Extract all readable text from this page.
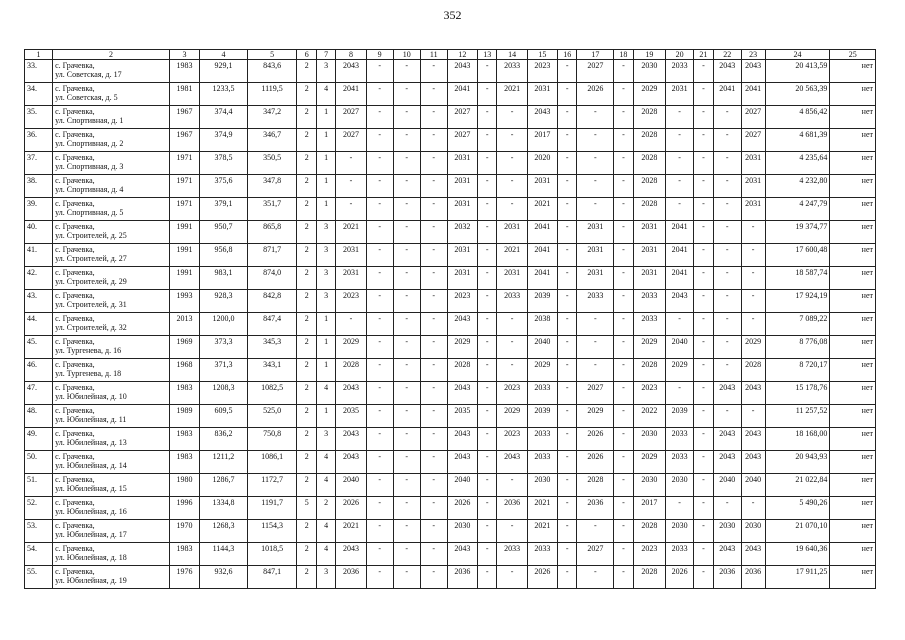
352
1	2	3	4	5	6	7	8	9	10	11	12	13	14	15	16	17	18	19	20	21	22	23	24	25
33.	с. Грачевка,
ул. Советская, д. 17	1983	929,1	843,6	2	3	2043	-	-	-	2043	-	2033	2023	-	2027	-	2030	2033	-	2043	2043	20 413,59	нет
34.	с. Грачевка,
ул. Советская, д. 5	1981	1233,5	1119,5	2	4	2041	-	-	-	2041	-	2021	2031	-	2026	-	2029	2031	-	2041	2041	20 563,39	нет
35.	с. Грачевка,
ул. Спортивная, д. 1	1967	374,4	347,2	2	1	2027	-	-	-	2027	-	-	2043	-	-	-	2028	-	-	-	2027	4 856,42	нет
36.	с. Грачевка,
ул. Спортивная, д. 2	1967	374,9	346,7	2	1	2027	-	-	-	2027	-	-	2017	-	-	-	2028	-	-	-	2027	4 681,39	нет
37.	с. Грачевка,
ул. Спортивная, д. 3	1971	378,5	350,5	2	1	-	-	-	-	2031	-	-	2020	-	-	-	2028	-	-	-	2031	4 235,64	нет
38.	с. Грачевка,
ул. Спортивная, д. 4	1971	375,6	347,8	2	1	-	-	-	-	2031	-	-	2031	-	-	-	2028	-	-	-	2031	4 232,80	нет
39.	с. Грачевка,
ул. Спортивная, д. 5	1971	379,1	351,7	2	1	-	-	-	-	2031	-	-	2021	-	-	-	2028	-	-	-	2031	4 247,79	нет
40.	с. Грачевка,
ул. Строителей, д. 25	1991	950,7	865,8	2	3	2021	-	-	-	2032	-	2031	2041	-	2031	-	2031	2041	-	-	-	19 374,77	нет
41.	с. Грачевка,
ул. Строителей, д. 27	1991	956,8	871,7	2	3	2031	-	-	-	2031	-	2021	2041	-	2031	-	2031	2041	-	-	-	17 600,48	нет
42.	с. Грачевка,
ул. Строителей, д. 29	1991	983,1	874,0	2	3	2031	-	-	-	2031	-	2031	2041	-	2031	-	2031	2041	-	-	-	18 587,74	нет
43.	с. Грачевка,
ул. Строителей, д. 31	1993	928,3	842,8	2	3	2023	-	-	-	2023	-	2033	2039	-	2033	-	2033	2043	-	-	-	17 924,19	нет
44.	с. Грачевка,
ул. Строителей, д. 32	2013	1200,0	847,4	2	1	-	-	-	-	2043	-	-	2038	-	-	-	2033	-	-	-	-	7 089,22	нет
45.	с. Грачевка,
ул. Тургенева, д. 16	1969	373,3	345,3	2	1	2029	-	-	-	2029	-	-	2040	-	-	-	2029	2040	-	-	2029	8 776,08	нет
46.	с. Грачевка,
ул. Тургенева, д. 18	1968	371,3	343,1	2	1	2028	-	-	-	2028	-	-	2029	-	-	-	2028	2029	-	-	2028	8 720,17	нет
47.	с. Грачевка,
ул. Юбилейная, д. 10	1983	1208,3	1082,5	2	4	2043	-	-	-	2043	-	2023	2033	-	2027	-	2023	-	-	2043	2043	15 178,76	нет
48.	с. Грачевка,
ул. Юбилейная, д. 11	1989	609,5	525,0	2	1	2035	-	-	-	2035	-	2029	2039	-	2029	-	2022	2039	-	-	-	11 257,52	нет
49.	с. Грачевка,
ул. Юбилейная, д. 13	1983	836,2	750,8	2	3	2043	-	-	-	2043	-	2023	2033	-	2026	-	2030	2033	-	2043	2043	18 168,00	нет
50.	с. Грачевка,
ул. Юбилейная, д. 14	1983	1211,2	1086,1	2	4	2043	-	-	-	2043	-	2043	2033	-	2026	-	2029	2033	-	2043	2043	20 943,93	нет
51.	с. Грачевка,
ул. Юбилейная, д. 15	1980	1286,7	1172,7	2	4	2040	-	-	-	2040	-	-	2030	-	2028	-	2030	2030	-	2040	2040	21 022,84	нет
52.	с. Грачевка,
ул. Юбилейная, д. 16	1996	1334,8	1191,7	5	2	2026	-	-	-	2026	-	2036	2021	-	2036	-	2017	-	-	-	-	5 490,26	нет
53.	с. Грачевка,
ул. Юбилейная, д. 17	1970	1268,3	1154,3	2	4	2021	-	-	-	2030	-	-	2021	-	-	-	2028	2030	-	2030	2030	21 070,10	нет
54.	с. Грачевка,
ул. Юбилейная, д. 18	1983	1144,3	1018,5	2	4	2043	-	-	-	2043	-	2033	2033	-	2027	-	2023	2033	-	2043	2043	19 640,36	нет
55.	с. Грачевка,
ул. Юбилейная, д. 19	1976	932,6	847,1	2	3	2036	-	-	-	2036	-	-	2026	-	-	-	2028	2026	-	2036	2036	17 911,25	нет
